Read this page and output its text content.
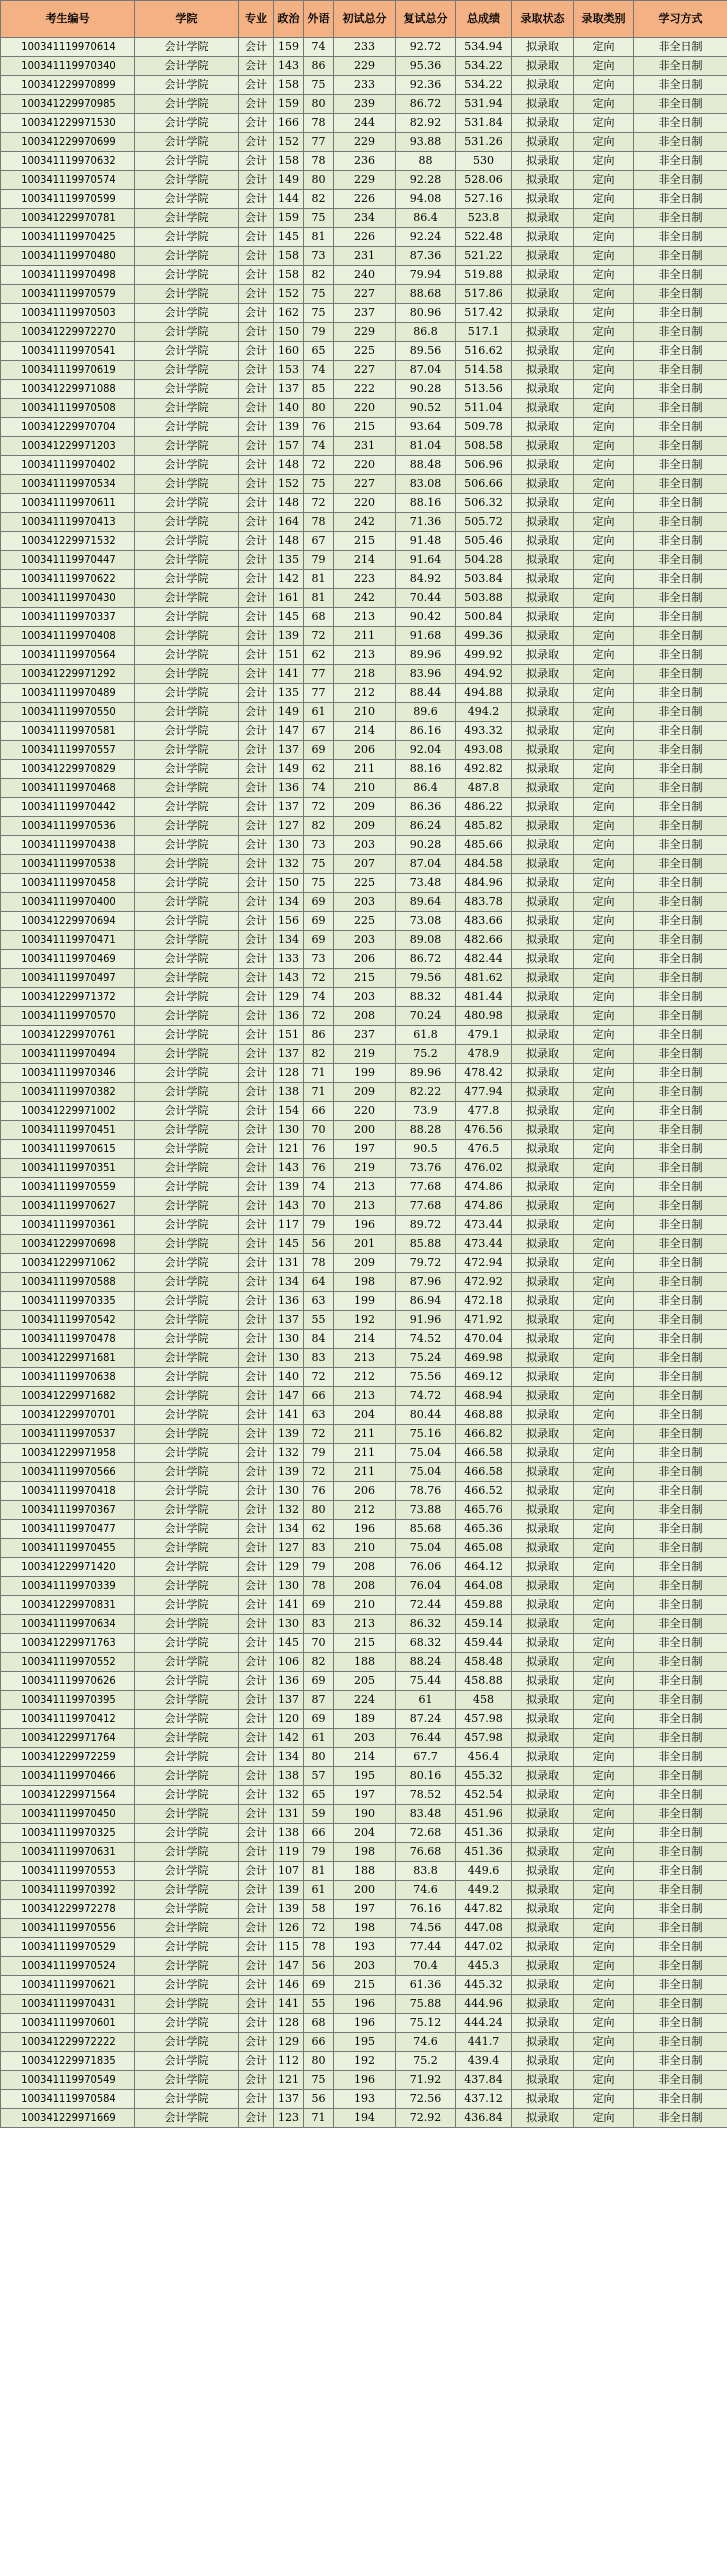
考生编号	学院	专业	政治	外语	初试总分	复试总分	总成绩	录取状态	录取类别	学习方式
100341119970614	会计学院	会计	159	74	233	92.72	534.94	拟录取	定向	非全日制
100341119970340	会计学院	会计	143	86	229	95.36	534.22	拟录取	定向	非全日制
100341229970899	会计学院	会计	158	75	233	92.36	534.22	拟录取	定向	非全日制
100341229970985	会计学院	会计	159	80	239	86.72	531.94	拟录取	定向	非全日制
100341229971530	会计学院	会计	166	78	244	82.92	531.84	拟录取	定向	非全日制
100341229970699	会计学院	会计	152	77	229	93.88	531.26	拟录取	定向	非全日制
100341119970632	会计学院	会计	158	78	236	88	530	拟录取	定向	非全日制
100341119970574	会计学院	会计	149	80	229	92.28	528.06	拟录取	定向	非全日制
100341119970599	会计学院	会计	144	82	226	94.08	527.16	拟录取	定向	非全日制
100341229970781	会计学院	会计	159	75	234	86.4	523.8	拟录取	定向	非全日制
100341119970425	会计学院	会计	145	81	226	92.24	522.48	拟录取	定向	非全日制
100341119970480	会计学院	会计	158	73	231	87.36	521.22	拟录取	定向	非全日制
100341119970498	会计学院	会计	158	82	240	79.94	519.88	拟录取	定向	非全日制
100341119970579	会计学院	会计	152	75	227	88.68	517.86	拟录取	定向	非全日制
100341119970503	会计学院	会计	162	75	237	80.96	517.42	拟录取	定向	非全日制
100341229972270	会计学院	会计	150	79	229	86.8	517.1	拟录取	定向	非全日制
100341119970541	会计学院	会计	160	65	225	89.56	516.62	拟录取	定向	非全日制
100341119970619	会计学院	会计	153	74	227	87.04	514.58	拟录取	定向	非全日制
100341229971088	会计学院	会计	137	85	222	90.28	513.56	拟录取	定向	非全日制
100341119970508	会计学院	会计	140	80	220	90.52	511.04	拟录取	定向	非全日制
100341229970704	会计学院	会计	139	76	215	93.64	509.78	拟录取	定向	非全日制
100341229971203	会计学院	会计	157	74	231	81.04	508.58	拟录取	定向	非全日制
100341119970402	会计学院	会计	148	72	220	88.48	506.96	拟录取	定向	非全日制
100341119970534	会计学院	会计	152	75	227	83.08	506.66	拟录取	定向	非全日制
100341119970611	会计学院	会计	148	72	220	88.16	506.32	拟录取	定向	非全日制
100341119970413	会计学院	会计	164	78	242	71.36	505.72	拟录取	定向	非全日制
100341229971532	会计学院	会计	148	67	215	91.48	505.46	拟录取	定向	非全日制
100341119970447	会计学院	会计	135	79	214	91.64	504.28	拟录取	定向	非全日制
100341119970622	会计学院	会计	142	81	223	84.92	503.84	拟录取	定向	非全日制
100341119970430	会计学院	会计	161	81	242	70.44	503.88	拟录取	定向	非全日制
100341119970337	会计学院	会计	145	68	213	90.42	500.84	拟录取	定向	非全日制
100341119970408	会计学院	会计	139	72	211	91.68	499.36	拟录取	定向	非全日制
100341119970564	会计学院	会计	151	62	213	89.96	499.92	拟录取	定向	非全日制
100341229971292	会计学院	会计	141	77	218	83.96	494.92	拟录取	定向	非全日制
100341119970489	会计学院	会计	135	77	212	88.44	494.88	拟录取	定向	非全日制
100341119970550	会计学院	会计	149	61	210	89.6	494.2	拟录取	定向	非全日制
100341119970581	会计学院	会计	147	67	214	86.16	493.32	拟录取	定向	非全日制
100341119970557	会计学院	会计	137	69	206	92.04	493.08	拟录取	定向	非全日制
100341229970829	会计学院	会计	149	62	211	88.16	492.82	拟录取	定向	非全日制
100341119970468	会计学院	会计	136	74	210	86.4	487.8	拟录取	定向	非全日制
100341119970442	会计学院	会计	137	72	209	86.36	486.22	拟录取	定向	非全日制
100341119970536	会计学院	会计	127	82	209	86.24	485.82	拟录取	定向	非全日制
100341119970438	会计学院	会计	130	73	203	90.28	485.66	拟录取	定向	非全日制
100341119970538	会计学院	会计	132	75	207	87.04	484.58	拟录取	定向	非全日制
100341119970458	会计学院	会计	150	75	225	73.48	484.96	拟录取	定向	非全日制
100341119970400	会计学院	会计	134	69	203	89.64	483.78	拟录取	定向	非全日制
100341229970694	会计学院	会计	156	69	225	73.08	483.66	拟录取	定向	非全日制
100341119970471	会计学院	会计	134	69	203	89.08	482.66	拟录取	定向	非全日制
100341119970469	会计学院	会计	133	73	206	86.72	482.44	拟录取	定向	非全日制
100341119970497	会计学院	会计	143	72	215	79.56	481.62	拟录取	定向	非全日制
100341229971372	会计学院	会计	129	74	203	88.32	481.44	拟录取	定向	非全日制
100341119970570	会计学院	会计	136	72	208	70.24	480.98	拟录取	定向	非全日制
100341229970761	会计学院	会计	151	86	237	61.8	479.1	拟录取	定向	非全日制
100341119970494	会计学院	会计	137	82	219	75.2	478.9	拟录取	定向	非全日制
100341119970346	会计学院	会计	128	71	199	89.96	478.42	拟录取	定向	非全日制
100341119970382	会计学院	会计	138	71	209	82.22	477.94	拟录取	定向	非全日制
100341229971002	会计学院	会计	154	66	220	73.9	477.8	拟录取	定向	非全日制
100341119970451	会计学院	会计	130	70	200	88.28	476.56	拟录取	定向	非全日制
100341119970615	会计学院	会计	121	76	197	90.5	476.5	拟录取	定向	非全日制
100341119970351	会计学院	会计	143	76	219	73.76	476.02	拟录取	定向	非全日制
100341119970559	会计学院	会计	139	74	213	77.68	474.86	拟录取	定向	非全日制
100341119970627	会计学院	会计	143	70	213	77.68	474.86	拟录取	定向	非全日制
100341119970361	会计学院	会计	117	79	196	89.72	473.44	拟录取	定向	非全日制
100341229970698	会计学院	会计	145	56	201	85.88	473.44	拟录取	定向	非全日制
100341229971062	会计学院	会计	131	78	209	79.72	472.94	拟录取	定向	非全日制
100341119970588	会计学院	会计	134	64	198	87.96	472.92	拟录取	定向	非全日制
100341119970335	会计学院	会计	136	63	199	86.94	472.18	拟录取	定向	非全日制
100341119970542	会计学院	会计	137	55	192	91.96	471.92	拟录取	定向	非全日制
100341119970478	会计学院	会计	130	84	214	74.52	470.04	拟录取	定向	非全日制
100341229971681	会计学院	会计	130	83	213	75.24	469.98	拟录取	定向	非全日制
100341119970638	会计学院	会计	140	72	212	75.56	469.12	拟录取	定向	非全日制
100341229971682	会计学院	会计	147	66	213	74.72	468.94	拟录取	定向	非全日制
100341229970701	会计学院	会计	141	63	204	80.44	468.88	拟录取	定向	非全日制
100341119970537	会计学院	会计	139	72	211	75.16	466.82	拟录取	定向	非全日制
100341229971958	会计学院	会计	132	79	211	75.04	466.58	拟录取	定向	非全日制
100341119970566	会计学院	会计	139	72	211	75.04	466.58	拟录取	定向	非全日制
100341119970418	会计学院	会计	130	76	206	78.76	466.52	拟录取	定向	非全日制
100341119970367	会计学院	会计	132	80	212	73.88	465.76	拟录取	定向	非全日制
100341119970477	会计学院	会计	134	62	196	85.68	465.36	拟录取	定向	非全日制
100341119970455	会计学院	会计	127	83	210	75.04	465.08	拟录取	定向	非全日制
100341229971420	会计学院	会计	129	79	208	76.06	464.12	拟录取	定向	非全日制
100341119970339	会计学院	会计	130	78	208	76.04	464.08	拟录取	定向	非全日制
100341229970831	会计学院	会计	141	69	210	72.44	459.88	拟录取	定向	非全日制
100341119970634	会计学院	会计	130	83	213	86.32	459.14	拟录取	定向	非全日制
100341229971763	会计学院	会计	145	70	215	68.32	459.44	拟录取	定向	非全日制
100341119970552	会计学院	会计	106	82	188	88.24	458.48	拟录取	定向	非全日制
100341119970626	会计学院	会计	136	69	205	75.44	458.88	拟录取	定向	非全日制
100341119970395	会计学院	会计	137	87	224	61	458	拟录取	定向	非全日制
100341119970412	会计学院	会计	120	69	189	87.24	457.98	拟录取	定向	非全日制
100341229971764	会计学院	会计	142	61	203	76.44	457.98	拟录取	定向	非全日制
100341229972259	会计学院	会计	134	80	214	67.7	456.4	拟录取	定向	非全日制
100341119970466	会计学院	会计	138	57	195	80.16	455.32	拟录取	定向	非全日制
100341229971564	会计学院	会计	132	65	197	78.52	452.54	拟录取	定向	非全日制
100341119970450	会计学院	会计	131	59	190	83.48	451.96	拟录取	定向	非全日制
100341119970325	会计学院	会计	138	66	204	72.68	451.36	拟录取	定向	非全日制
100341119970631	会计学院	会计	119	79	198	76.68	451.36	拟录取	定向	非全日制
100341119970553	会计学院	会计	107	81	188	83.8	449.6	拟录取	定向	非全日制
100341119970392	会计学院	会计	139	61	200	74.6	449.2	拟录取	定向	非全日制
100341229972278	会计学院	会计	139	58	197	76.16	447.82	拟录取	定向	非全日制
100341119970556	会计学院	会计	126	72	198	74.56	447.08	拟录取	定向	非全日制
100341119970529	会计学院	会计	115	78	193	77.44	447.02	拟录取	定向	非全日制
100341119970524	会计学院	会计	147	56	203	70.4	445.3	拟录取	定向	非全日制
100341119970621	会计学院	会计	146	69	215	61.36	445.32	拟录取	定向	非全日制
100341119970431	会计学院	会计	141	55	196	75.88	444.96	拟录取	定向	非全日制
100341119970601	会计学院	会计	128	68	196	75.12	444.24	拟录取	定向	非全日制
100341229972222	会计学院	会计	129	66	195	74.6	441.7	拟录取	定向	非全日制
100341229971835	会计学院	会计	112	80	192	75.2	439.4	拟录取	定向	非全日制
100341119970549	会计学院	会计	121	75	196	71.92	437.84	拟录取	定向	非全日制
100341119970584	会计学院	会计	137	56	193	72.56	437.12	拟录取	定向	非全日制
100341229971669	会计学院	会计	123	71	194	72.92	436.84	拟录取	定向	非全日制
